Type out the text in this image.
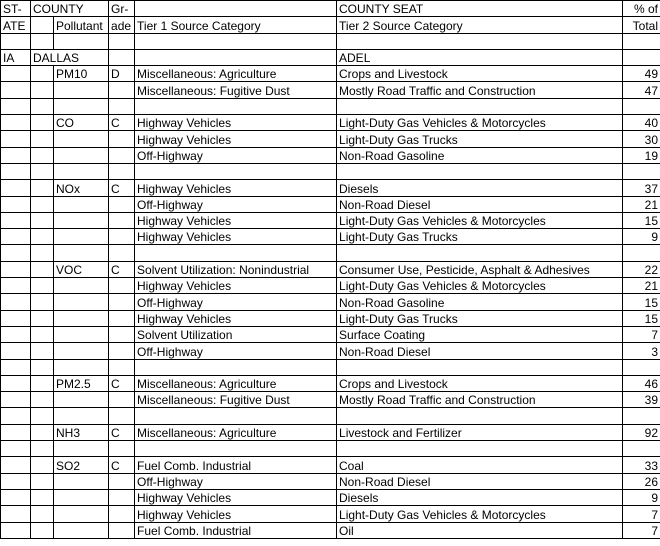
ST-	COUNTY		Gr-		COUNTY SEAT	% of
ATE		Pollutant	ade	Tier 1 Source Category	Tier 2 Source Category	Total

IA	DALLAS				ADEL	
		PM10	D	Miscellaneous: Agriculture	Crops and Livestock	49
				Miscellaneous: Fugitive Dust	Mostly Road Traffic and Construction	47

		CO	C	Highway Vehicles	Light-Duty Gas Vehicles & Motorcycles	40
				Highway Vehicles	Light-Duty Gas Trucks	30
				Off-Highway	Non-Road Gasoline	19

		NOx	C	Highway Vehicles	Diesels	37
				Off-Highway	Non-Road Diesel	21
				Highway Vehicles	Light-Duty Gas Vehicles & Motorcycles	15
				Highway Vehicles	Light-Duty Gas Trucks	9

		VOC	C	Solvent Utilization: Nonindustrial	Consumer Use, Pesticide, Asphalt & Adhesives	22
				Highway Vehicles	Light-Duty Gas Vehicles & Motorcycles	21
				Off-Highway	Non-Road Gasoline	15
				Highway Vehicles	Light-Duty Gas Trucks	15
				Solvent Utilization	Surface Coating	7
				Off-Highway	Non-Road Diesel	3

		PM2.5	C	Miscellaneous: Agriculture	Crops and Livestock	46
				Miscellaneous: Fugitive Dust	Mostly Road Traffic and Construction	39

		NH3	C	Miscellaneous: Agriculture	Livestock and Fertilizer	92

		SO2	C	Fuel Comb. Industrial	Coal	33
				Off-Highway	Non-Road Diesel	26
				Highway Vehicles	Diesels	9
				Highway Vehicles	Light-Duty Gas Vehicles & Motorcycles	7
				Fuel Comb. Industrial	Oil	7
